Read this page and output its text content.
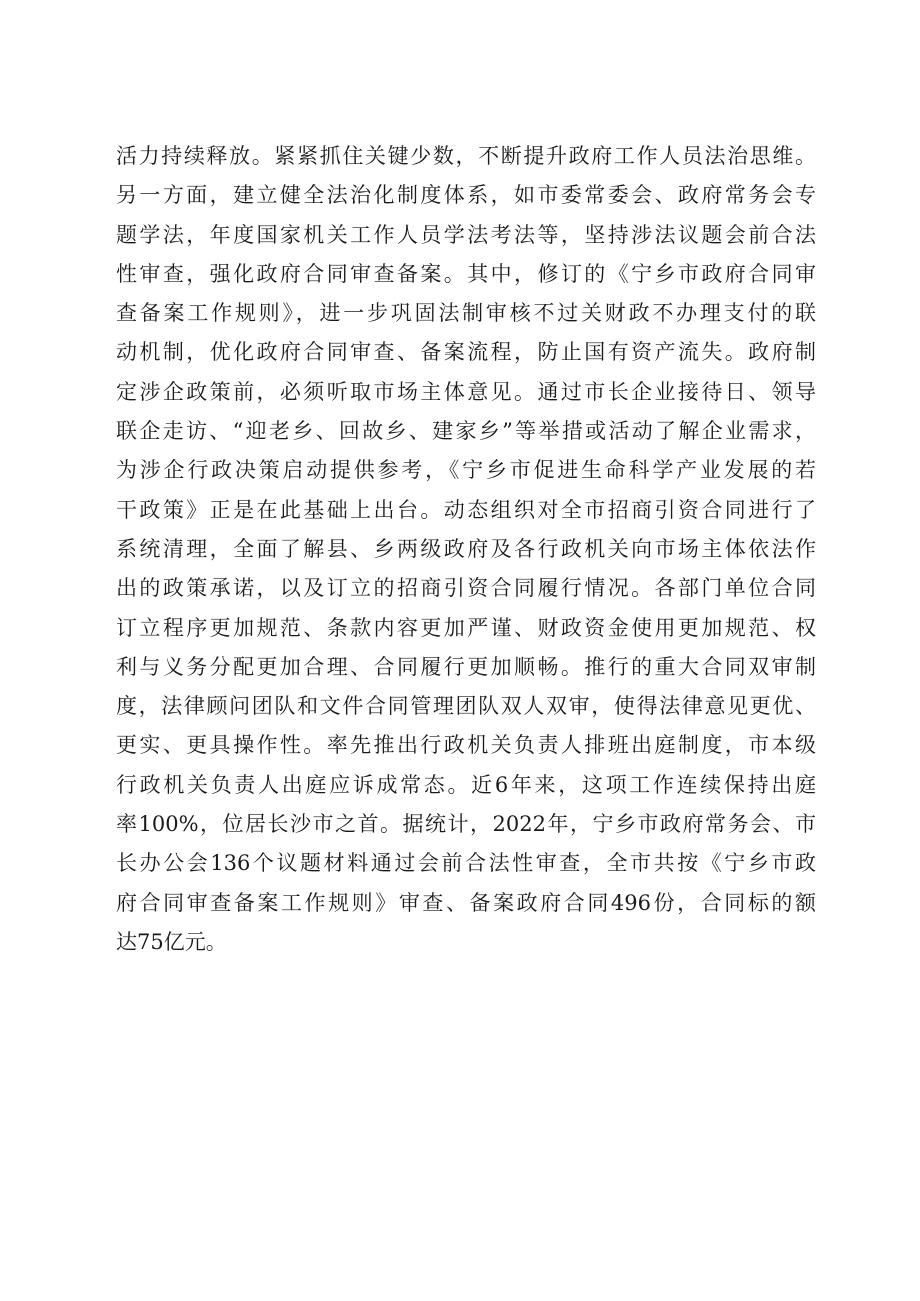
活力持续释放。紧紧抓住关键少数，不断提升政府工作人员法治思维。
另一方面，建立健全法治化制度体系，如市委常委会、政府常务会专
题学法，年度国家机关工作人员学法考法等，坚持涉法议题会前合法
性审查，强化政府合同审查备案。其中，修订的《宁乡市政府合同审
查备案工作规则》，进一步巩固法制审核不过关财政不办理支付的联
动机制，优化政府合同审查、备案流程，防止国有资产流失。政府制
定涉企政策前，必须听取市场主体意见。通过市长企业接待日、领导
联企走访、“迎老乡、回故乡、建家乡”等举措或活动了解企业需求，
为涉企行政决策启动提供参考，《宁乡市促进生命科学产业发展的若
干政策》正是在此基础上出台。动态组织对全市招商引资合同进行了
系统清理，全面了解县、乡两级政府及各行政机关向市场主体依法作
出的政策承诺，以及订立的招商引资合同履行情况。各部门单位合同
订立程序更加规范、条款内容更加严谨、财政资金使用更加规范、权
利与义务分配更加合理、合同履行更加顺畅。推行的重大合同双审制
度，法律顾问团队和文件合同管理团队双人双审，使得法律意见更优、
更实、更具操作性。率先推出行政机关负责人排班出庭制度，市本级
行政机关负责人出庭应诉成常态。近6年来，这项工作连续保持出庭
率100%，位居长沙市之首。据统计，2022年，宁乡市政府常务会、市
长办公会136个议题材料通过会前合法性审查，全市共按《宁乡市政
府合同审查备案工作规则》审查、备案政府合同496份，合同标的额
达75亿元。
